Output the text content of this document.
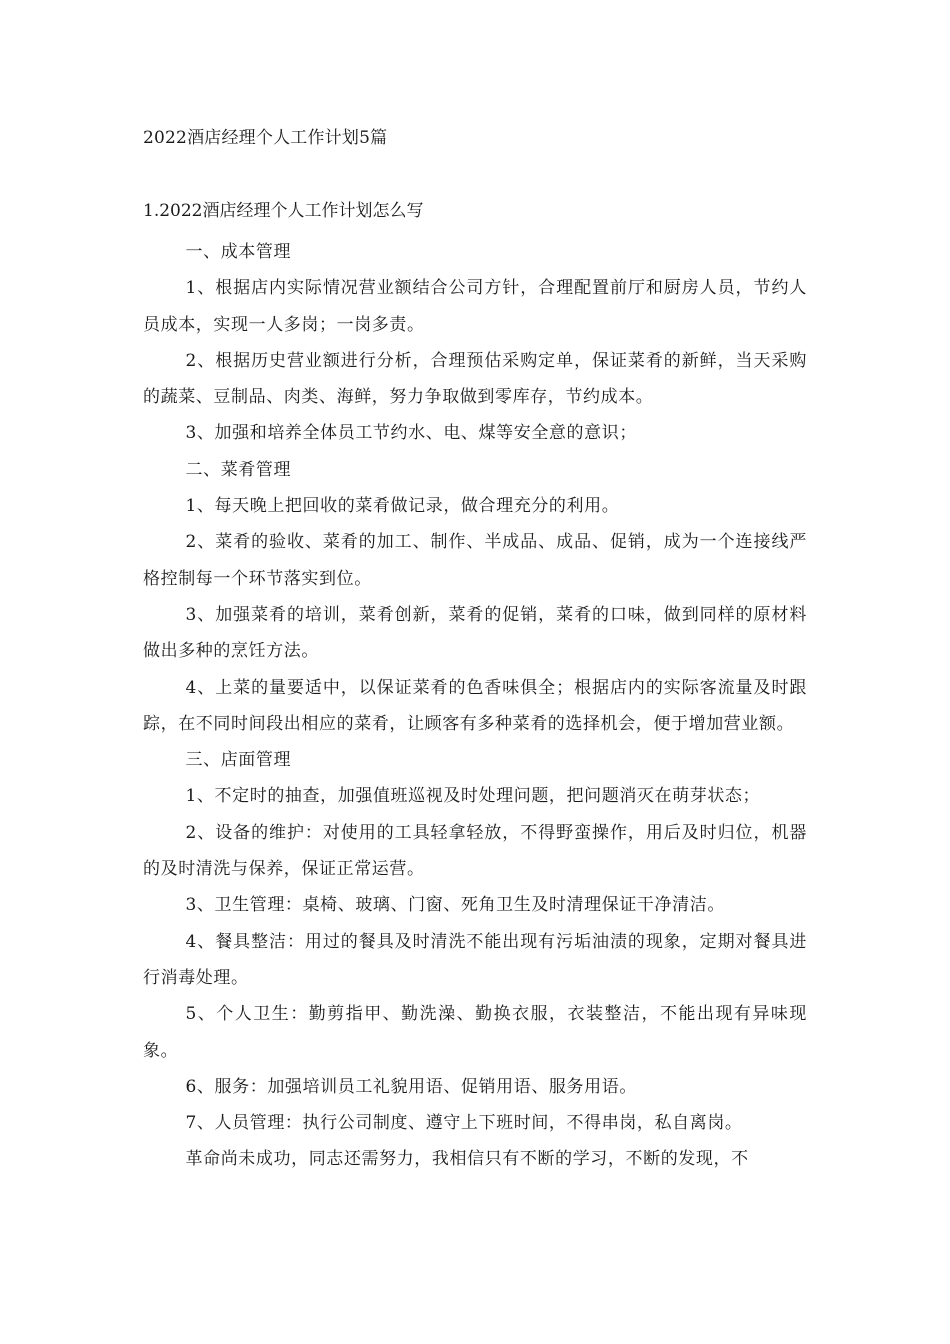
2022酒店经理个人工作计划5篇
1.2022酒店经理个人工作计划怎么写

一、成本管理

1、根据店内实际情况营业额结合公司方针，合理配置前厅和厨房人员，节约人员成本，实现一人多岗；一岗多责。

2、根据历史营业额进行分析，合理预估采购定单，保证菜肴的新鲜，当天采购的蔬菜、豆制品、肉类、海鲜，努力争取做到零库存，节约成本。

3、加强和培养全体员工节约水、电、煤等安全意的意识；

二、菜肴管理

1、每天晚上把回收的菜肴做记录，做合理充分的利用。

2、菜肴的验收、菜肴的加工、制作、半成品、成品、促销，成为一个连接线严格控制每一个环节落实到位。

3、加强菜肴的培训，菜肴创新，菜肴的促销，菜肴的口味，做到同样的原材料做出多种的烹饪方法。

4、上菜的量要适中，以保证菜肴的色香味俱全；根据店内的实际客流量及时跟踪，在不同时间段出相应的菜肴，让顾客有多种菜肴的选择机会，便于增加营业额。

三、店面管理

1、不定时的抽查，加强值班巡视及时处理问题，把问题消灭在萌芽状态；

2、设备的维护：对使用的工具轻拿轻放，不得野蛮操作，用后及时归位，机器的及时清洗与保养，保证正常运营。

3、卫生管理：桌椅、玻璃、门窗、死角卫生及时清理保证干净清洁。

4、餐具整洁：用过的餐具及时清洗不能出现有污垢油渍的现象，定期对餐具进行消毒处理。

5、个人卫生：勤剪指甲、勤洗澡、勤换衣服，衣装整洁，不能出现有异味现象。

6、服务：加强培训员工礼貌用语、促销用语、服务用语。

7、人员管理：执行公司制度、遵守上下班时间，不得串岗，私自离岗。

革命尚未成功，同志还需努力，我相信只有不断的学习，不断的发现，不
